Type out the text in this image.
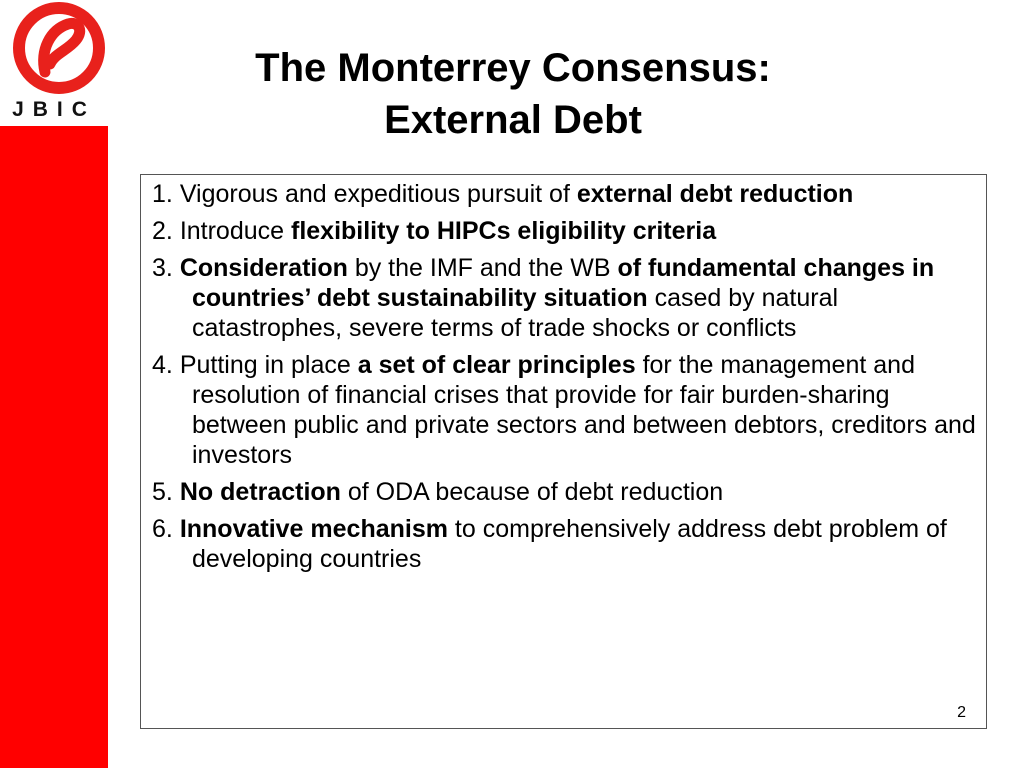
JBIC
The Monterrey Consensus:
External Debt
1. Vigorous and expeditious pursuit of external debt reduction
2. Introduce flexibility to HIPCs eligibility criteria
3. Consideration by the IMF and the WB of fundamental changes in countries’ debt sustainability situation cased by natural catastrophes, severe terms of trade shocks or conflicts
4. Putting in place a set of clear principles for the management and resolution of financial crises that provide for fair burden-sharing between public and private sectors and between debtors, creditors and investors
5. No detraction of ODA because of debt reduction
6. Innovative mechanism to comprehensively address debt problem of developing countries
2
